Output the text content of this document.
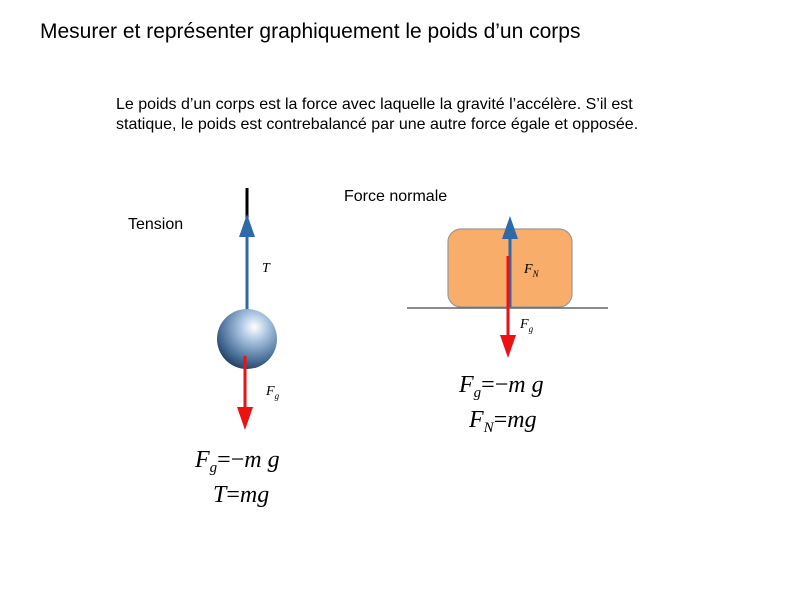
Mesurer et représenter graphiquement le poids d’un corps
Le poids d’un corps est la force avec laquelle la gravité l’accélère. S’il est statique, le poids est contrebalancé par une autre force égale et opposée.
Tension
Force normale
T
$F_g$
$F_N$
$F_g$
$F_g=-m$ g
T=mg
$F_g=-m$ g
$F_N=mg$
